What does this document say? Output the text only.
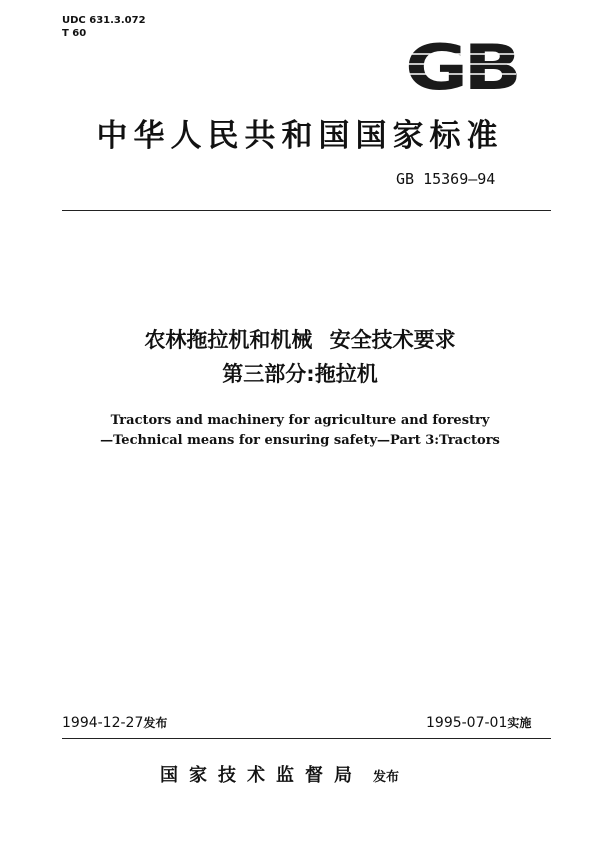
UDC 631.3.072
T 60	GB
中华人民共和国国家标准
GB 15369—94
农林拖拉机和机械 安全技术要求
第三部分:拖拉机
Tractors and machinery for agriculture and forestry
—Technical means for ensuring safety—Part 3:Tractors
1994-12-27发布	1995-07-01实施
国家技术监督局 发布
